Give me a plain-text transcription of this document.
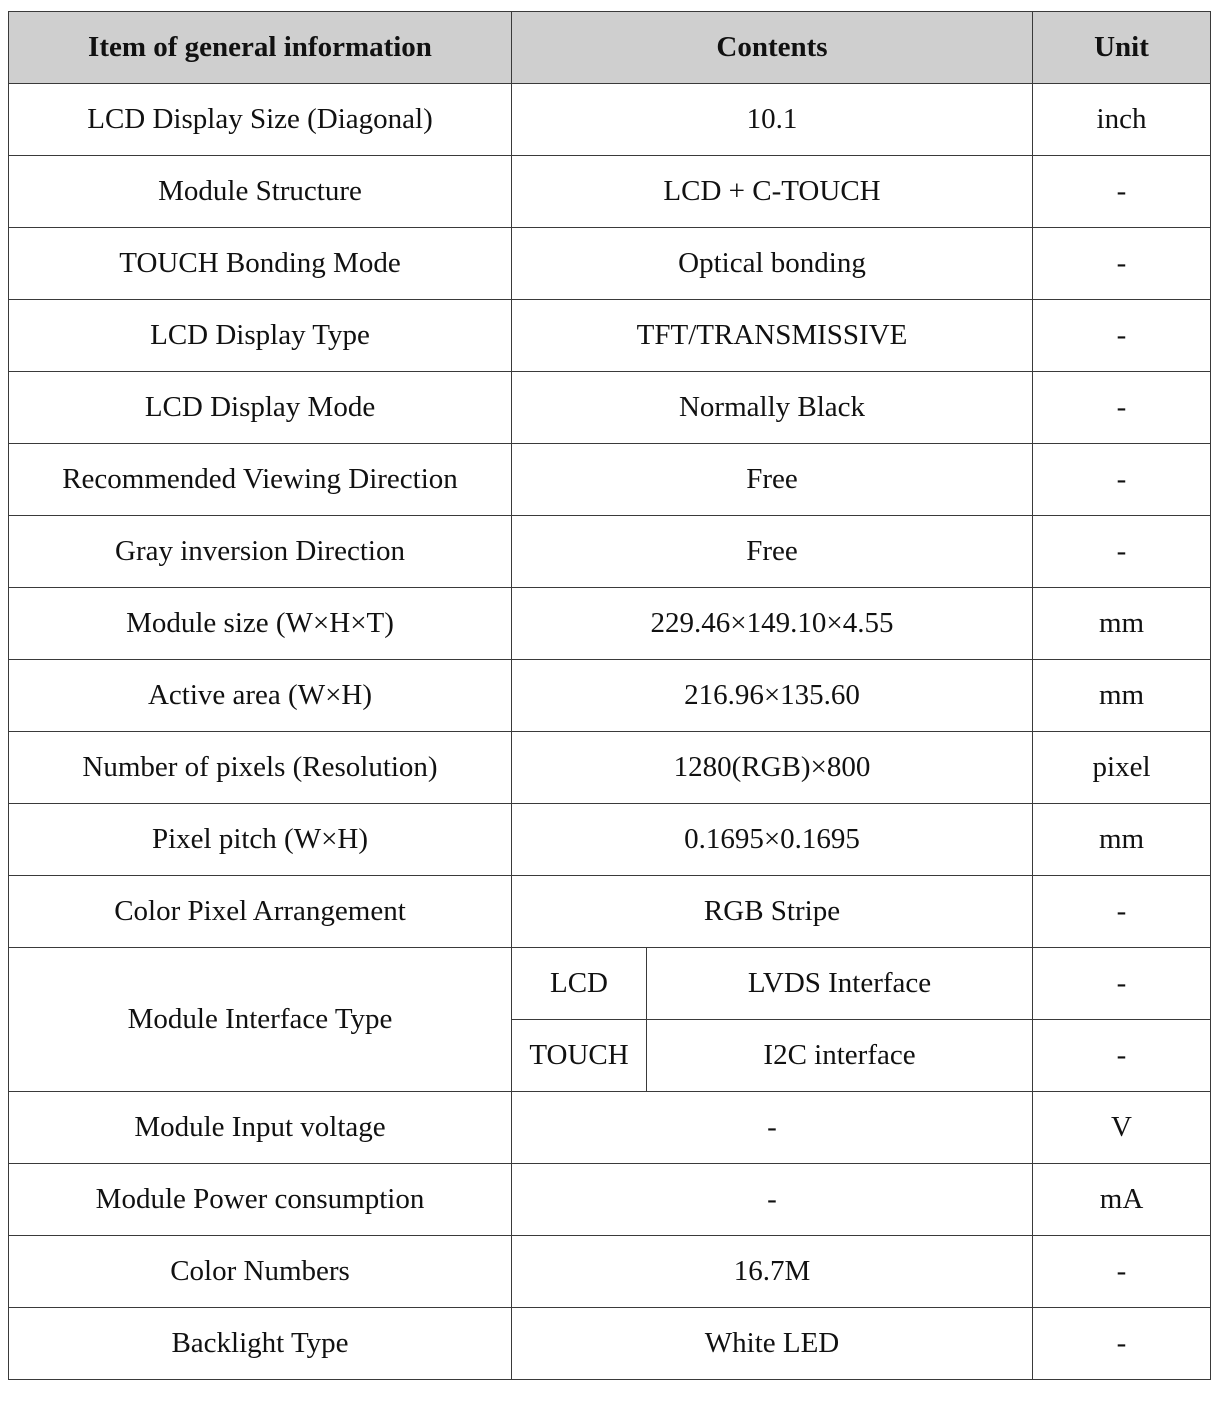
Item of general information	Contents		Unit
LCD Display Size (Diagonal)	10.1		inch
Module Structure	LCD + C-TOUCH		-
TOUCH Bonding Mode	Optical bonding		-
LCD Display Type	TFT/TRANSMISSIVE		-
LCD Display Mode	Normally Black		-
Recommended Viewing Direction	Free		-
Gray inversion Direction	Free		-
Module size (W×H×T)	229.46×149.10×4.55		mm
Active area (W×H)	216.96×135.60		mm
Number of pixels (Resolution)	1280(RGB)×800		pixel
Pixel pitch (W×H)	0.1695×0.1695		mm
Color Pixel Arrangement	RGB Stripe		-
Module Interface Type	LCD	LVDS Interface	-
	TOUCH	I2C interface	-
Module Input voltage	-		V
Module Power consumption	-		mA
Color Numbers	16.7M		-
Backlight Type	White LED		-
